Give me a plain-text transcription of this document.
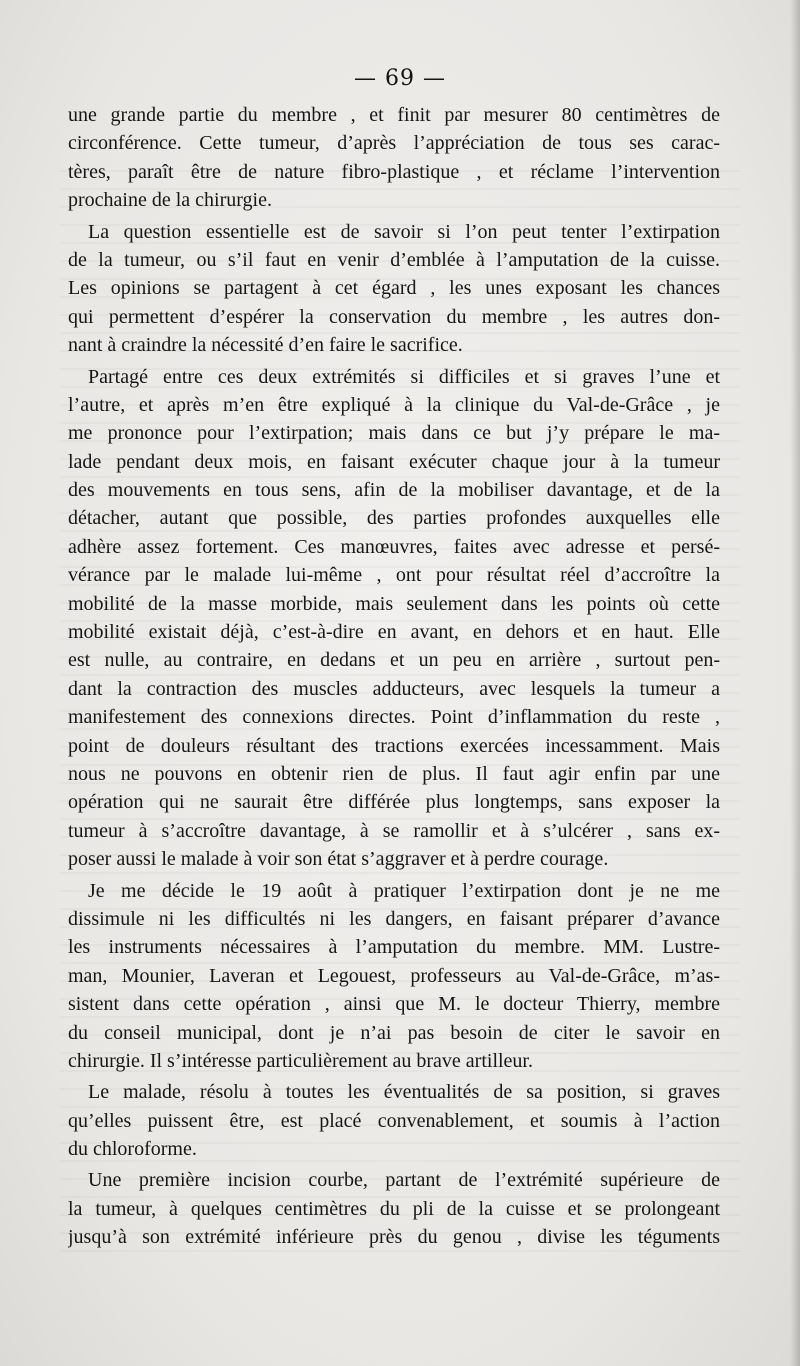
— 69 —
une grande partie du membre , et finit par mesurer 80 centimètres de
circonférence. Cette tumeur, d’après l’appréciation de tous ses carac-
tères, paraît être de nature fibro-plastique , et réclame l’intervention
prochaine de la chirurgie.
La question essentielle est de savoir si l’on peut tenter l’extirpation
de la tumeur, ou s’il faut en venir d’emblée à l’amputation de la cuisse.
Les opinions se partagent à cet égard , les unes exposant les chances
qui permettent d’espérer la conservation du membre , les autres don-
nant à craindre la nécessité d’en faire le sacrifice.
Partagé entre ces deux extrémités si difficiles et si graves l’une et
l’autre, et après m’en être expliqué à la clinique du Val-de-Grâce , je
me prononce pour l’extirpation; mais dans ce but j’y prépare le ma-
lade pendant deux mois, en faisant exécuter chaque jour à la tumeur
des mouvements en tous sens, afin de la mobiliser davantage, et de la
détacher, autant que possible, des parties profondes auxquelles elle
adhère assez fortement. Ces manœuvres, faites avec adresse et persé-
vérance par le malade lui-même , ont pour résultat réel d’accroître la
mobilité de la masse morbide, mais seulement dans les points où cette
mobilité existait déjà, c’est-à-dire en avant, en dehors et en haut. Elle
est nulle, au contraire, en dedans et un peu en arrière , surtout pen-
dant la contraction des muscles adducteurs, avec lesquels la tumeur a
manifestement des connexions directes. Point d’inflammation du reste ,
point de douleurs résultant des tractions exercées incessamment. Mais
nous ne pouvons en obtenir rien de plus. Il faut agir enfin par une
opération qui ne saurait être différée plus longtemps, sans exposer la
tumeur à s’accroître davantage, à se ramollir et à s’ulcérer , sans ex-
poser aussi le malade à voir son état s’aggraver et à perdre courage.
Je me décide le 19 août à pratiquer l’extirpation dont je ne me
dissimule ni les difficultés ni les dangers, en faisant préparer d’avance
les instruments nécessaires à l’amputation du membre. MM. Lustre-
man, Mounier, Laveran et Legouest, professeurs au Val-de-Grâce, m’as-
sistent dans cette opération , ainsi que M. le docteur Thierry, membre
du conseil municipal, dont je n’ai pas besoin de citer le savoir en
chirurgie. Il s’intéresse particulièrement au brave artilleur.
Le malade, résolu à toutes les éventualités de sa position, si graves
qu’elles puissent être, est placé convenablement, et soumis à l’action
du chloroforme.
Une première incision courbe, partant de l’extrémité supérieure de
la tumeur, à quelques centimètres du pli de la cuisse et se prolongeant
jusqu’à son extrémité inférieure près du genou , divise les téguments
